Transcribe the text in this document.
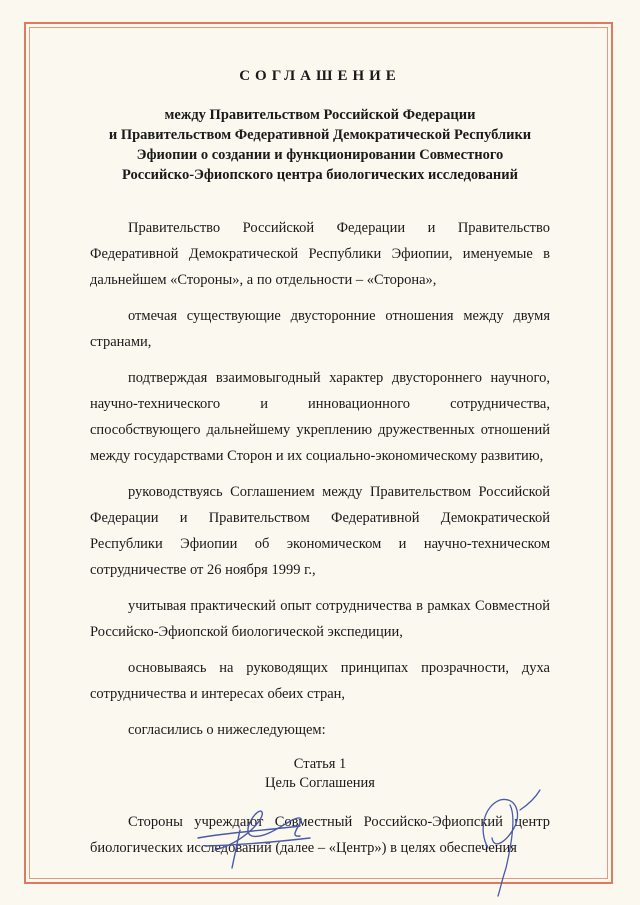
СОГЛАШЕНИЕ
между Правительством Российской Федерации
и Правительством Федеративной Демократической Республики
Эфиопии о создании и функционировании Совместного
Российско-Эфиопского центра биологических исследований

Правительство Российской Федерации и Правительство Федеративной Демократической Республики Эфиопии, именуемые в дальнейшем «Стороны», а по отдельности – «Сторона»,

отмечая существующие двусторонние отношения между двумя странами,

подтверждая взаимовыгодный характер двустороннего научного, научно-технического и инновационного сотрудничества, способствующего дальнейшему укреплению дружественных отношений между государствами Сторон и их социально-экономическому развитию,

руководствуясь Соглашением между Правительством Российской Федерации и Правительством Федеративной Демократической Республики Эфиопии об экономическом и научно-техническом сотрудничестве от 26 ноября 1999 г.,

учитывая практический опыт сотрудничества в рамках Совместной Российско-Эфиопской биологической экспедиции,

основываясь на руководящих принципах прозрачности, духа сотрудничества и интересах обеих стран,

согласились о нижеследующем:

Статья 1
Цель Соглашения

Стороны учреждают Совместный Российско-Эфиопский центр биологических исследований (далее – «Центр») в целях обеспечения
